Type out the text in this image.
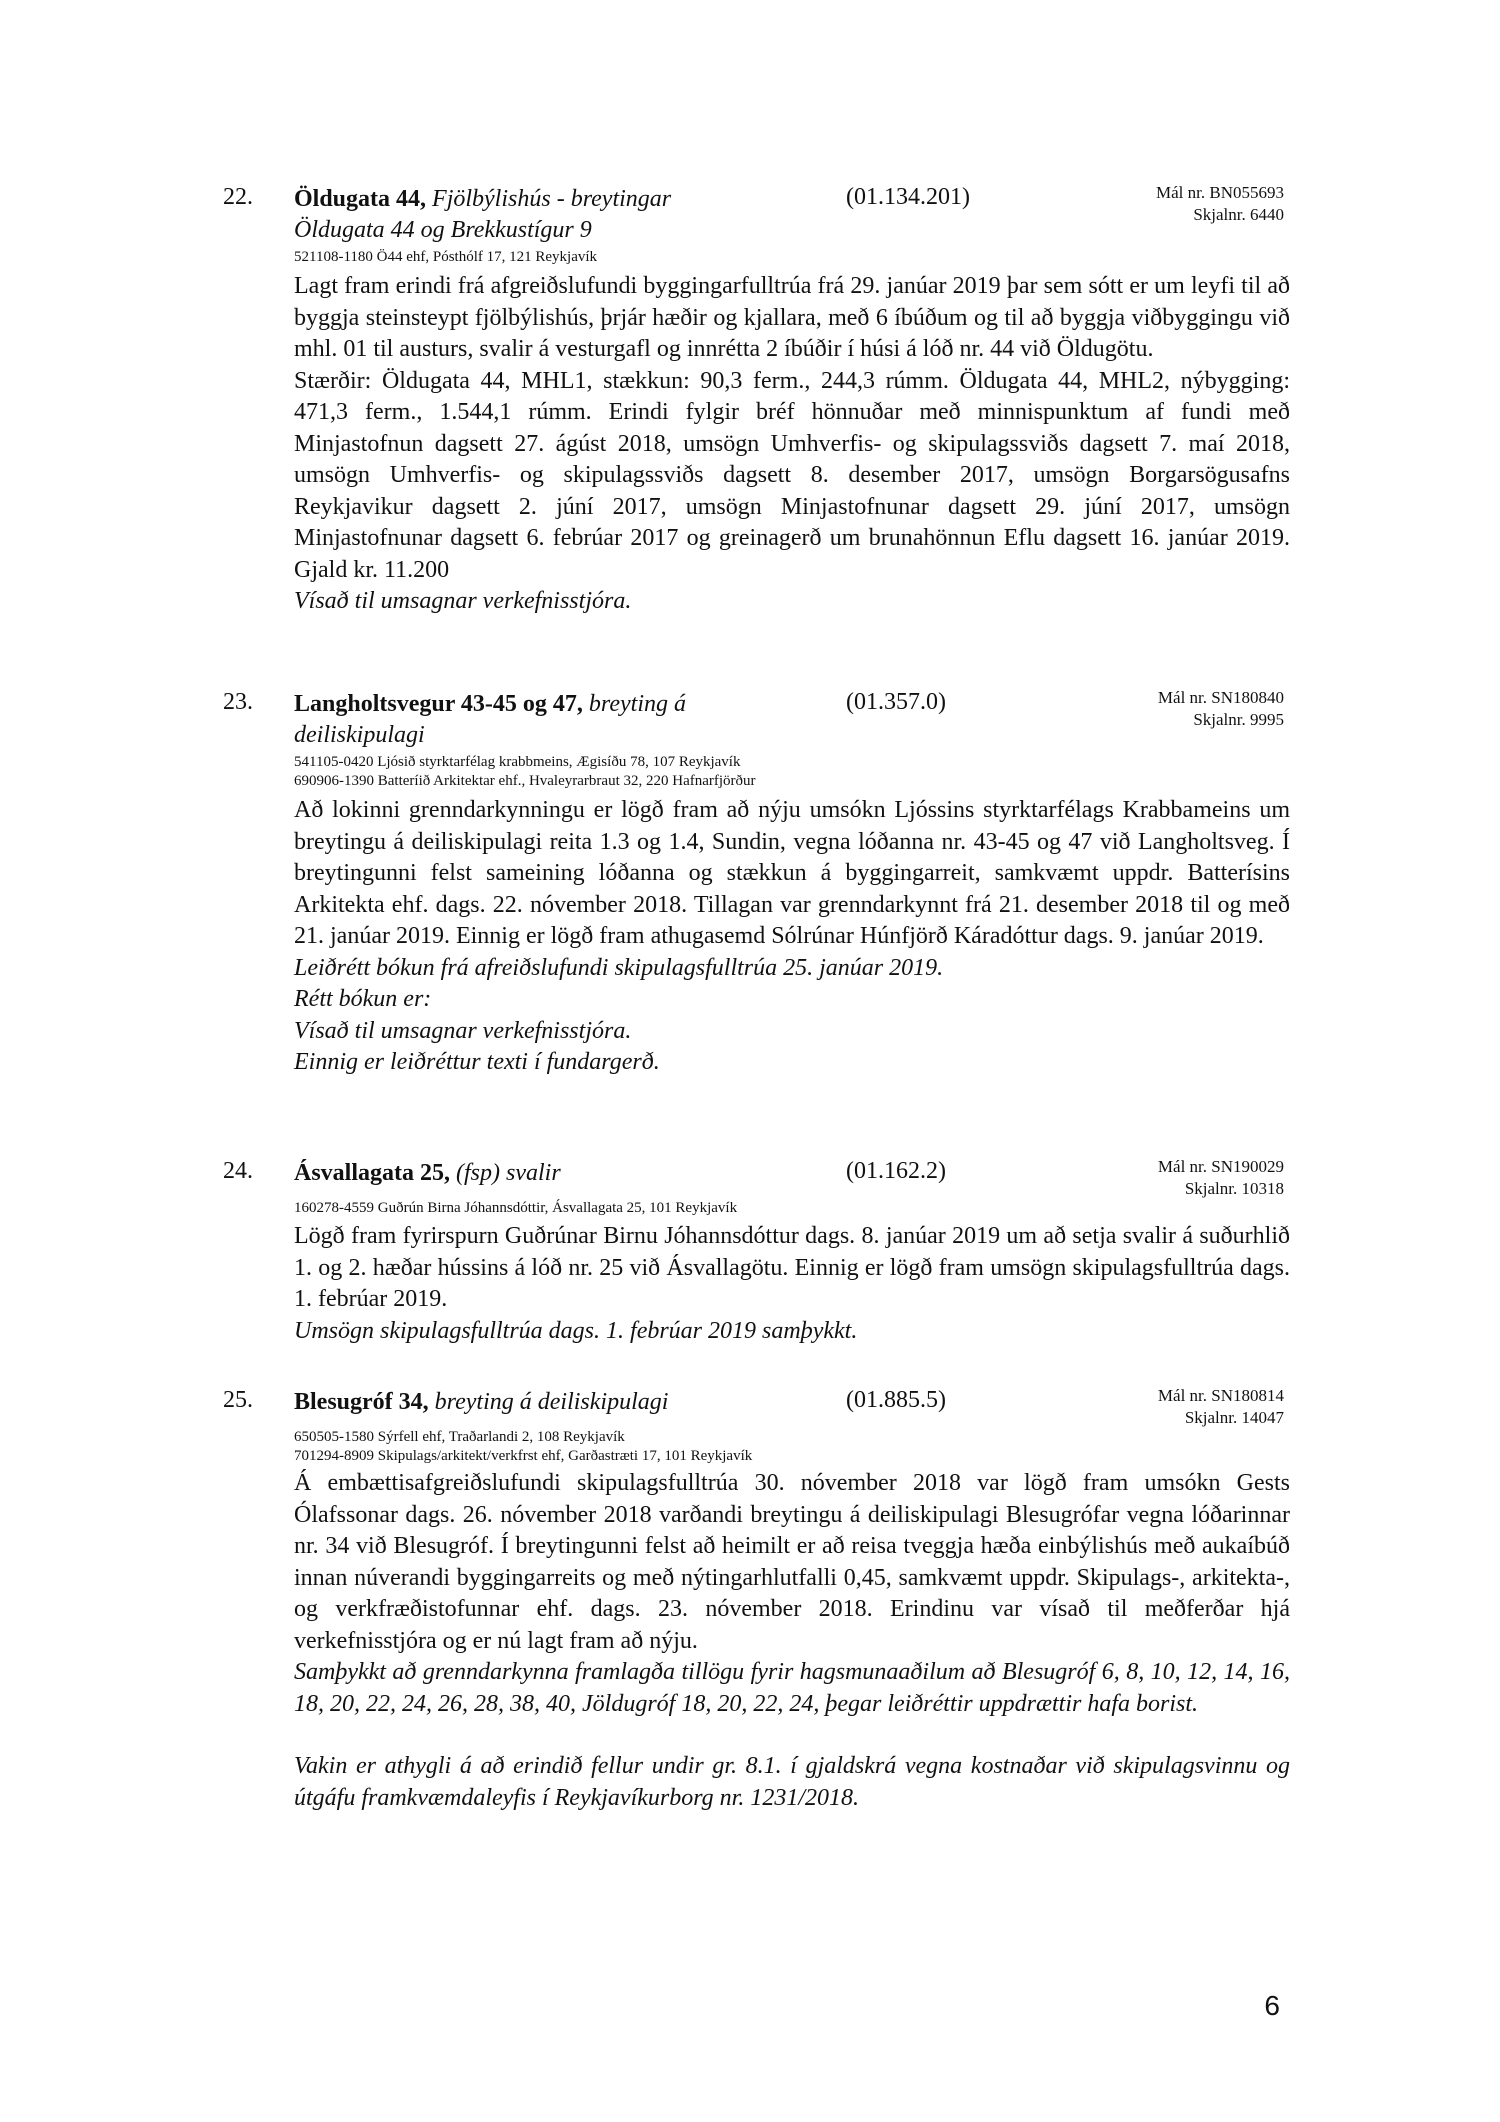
22. Öldugata 44, Fjölbýlishús - breytingar
Öldugata 44 og Brekkustígur 9
(01.134.201)	Mál nr. BN055693
Skjalnr. 6440
521108-1180 Ö44 ehf, Pósthólf 17, 121 Reykjavík

Lagt fram erindi frá afgreiðslufundi byggingarfulltrúa frá 29. janúar 2019 þar sem sótt er um leyfi til að byggja steinsteypt fjölbýlishús, þrjár hæðir og kjallara, með 6 íbúðum og til að byggja viðbyggingu við mhl. 01 til austurs, svalir á vesturgafl og innrétta 2 íbúðir í húsi á lóð nr. 44 við Öldugötu.

Stærðir: Öldugata 44, MHL1, stækkun: 90,3 ferm., 244,3 rúmm. Öldugata 44, MHL2, nýbygging: 471,3 ferm., 1.544,1 rúmm. Erindi fylgir bréf hönnuðar með minnispunktum af fundi með Minjastofnun dagsett 27. ágúst 2018, umsögn Umhverfis- og skipulagssviðs dagsett 7. maí 2018, umsögn Umhverfis- og skipulagssviðs dagsett 8. desember 2017, umsögn Borgarsögusafns Reykjavikur dagsett 2. júní 2017, umsögn Minjastofnunar dagsett 29. júní 2017, umsögn Minjastofnunar dagsett 6. febrúar 2017 og greinagerð um brunahönnun Eflu dagsett 16. janúar 2019. Gjald kr. 11.200

Vísað til umsagnar verkefnisstjóra.

23. Langholtsvegur 43-45 og 47, breyting á deiliskipulagi
(01.357.0)	Mál nr. SN180840
Skjalnr. 9995
541105-0420 Ljósið styrktarfélag krabbmeins, Ægisíðu 78, 107 Reykjavík
690906-1390 Batteríið Arkitektar ehf., Hvaleyrarbraut 32, 220 Hafnarfjörður

Að lokinni grenndarkynningu er lögð fram að nýju umsókn Ljóssins styrktarfélags Krabbameins um breytingu á deiliskipulagi reita 1.3 og 1.4, Sundin, vegna lóðanna nr. 43-45 og 47 við Langholtsveg. Í breytingunni felst sameining lóðanna og stækkun á byggingarreit, samkvæmt uppdr. Batterísins Arkitekta ehf. dags. 22. nóvember 2018. Tillagan var grenndarkynnt frá 21. desember 2018 til og með 21. janúar 2019. Einnig er lögð fram athugasemd Sólrúnar Húnfjörð Káradóttur dags. 9. janúar 2019.

Leiðrétt bókun frá afreiðslufundi skipulagsfulltrúa 25. janúar 2019.

Rétt bókun er:

Vísað til umsagnar verkefnisstjóra.

Einnig er leiðréttur texti í fundargerð.

24. Ásvallagata 25, (fsp) svalir	(01.162.2)	Mál nr. SN190029
Skjalnr. 10318
160278-4559 Guðrún Birna Jóhannsdóttir, Ásvallagata 25, 101 Reykjavík

Lögð fram fyrirspurn Guðrúnar Birnu Jóhannsdóttur dags. 8. janúar 2019 um að setja svalir á suðurhlið 1. og 2. hæðar hússins á lóð nr. 25 við Ásvallagötu. Einnig er lögð fram umsögn skipulagsfulltrúa dags. 1. febrúar 2019.

Umsögn skipulagsfulltrúa dags. 1. febrúar 2019 samþykkt.

25. Blesugróf 34, breyting á deiliskipulagi	(01.885.5)	Mál nr. SN180814
Skjalnr. 14047
650505-1580 Sýrfell ehf, Traðarlandi 2, 108 Reykjavík
701294-8909 Skipulags/arkitekt/verkfrst ehf, Garðastræti 17, 101 Reykjavík

Á embættisafgreiðslufundi skipulagsfulltrúa 30. nóvember 2018 var lögð fram umsókn Gests Ólafssonar dags. 26. nóvember 2018 varðandi breytingu á deiliskipulagi Blesugrófar vegna lóðarinnar nr. 34 við Blesugróf. Í breytingunni felst að heimilt er að reisa tveggja hæða einbýlishús með aukaíbúð innan núverandi byggingarreits og með nýtingarhlutfalli 0,45, samkvæmt uppdr. Skipulags-, arkitekta-, og verkfræðistofunnar ehf. dags. 23. nóvember 2018. Erindinu var vísað til meðferðar hjá verkefnisstjóra og er nú lagt fram að nýju.

Samþykkt að grenndarkynna framlagða tillögu fyrir hagsmunaaðilum að Blesugróf 6, 8, 10, 12, 14, 16, 18, 20, 22, 24, 26, 28, 38, 40, Jöldugróf 18, 20, 22, 24, þegar leiðréttir uppdrættir hafa borist.

Vakin er athygli á að erindið fellur undir gr. 8.1. í gjaldskrá vegna kostnaðar við skipulagsvinnu og útgáfu framkvæmdaleyfis í Reykjavíkurborg nr. 1231/2018.

6
